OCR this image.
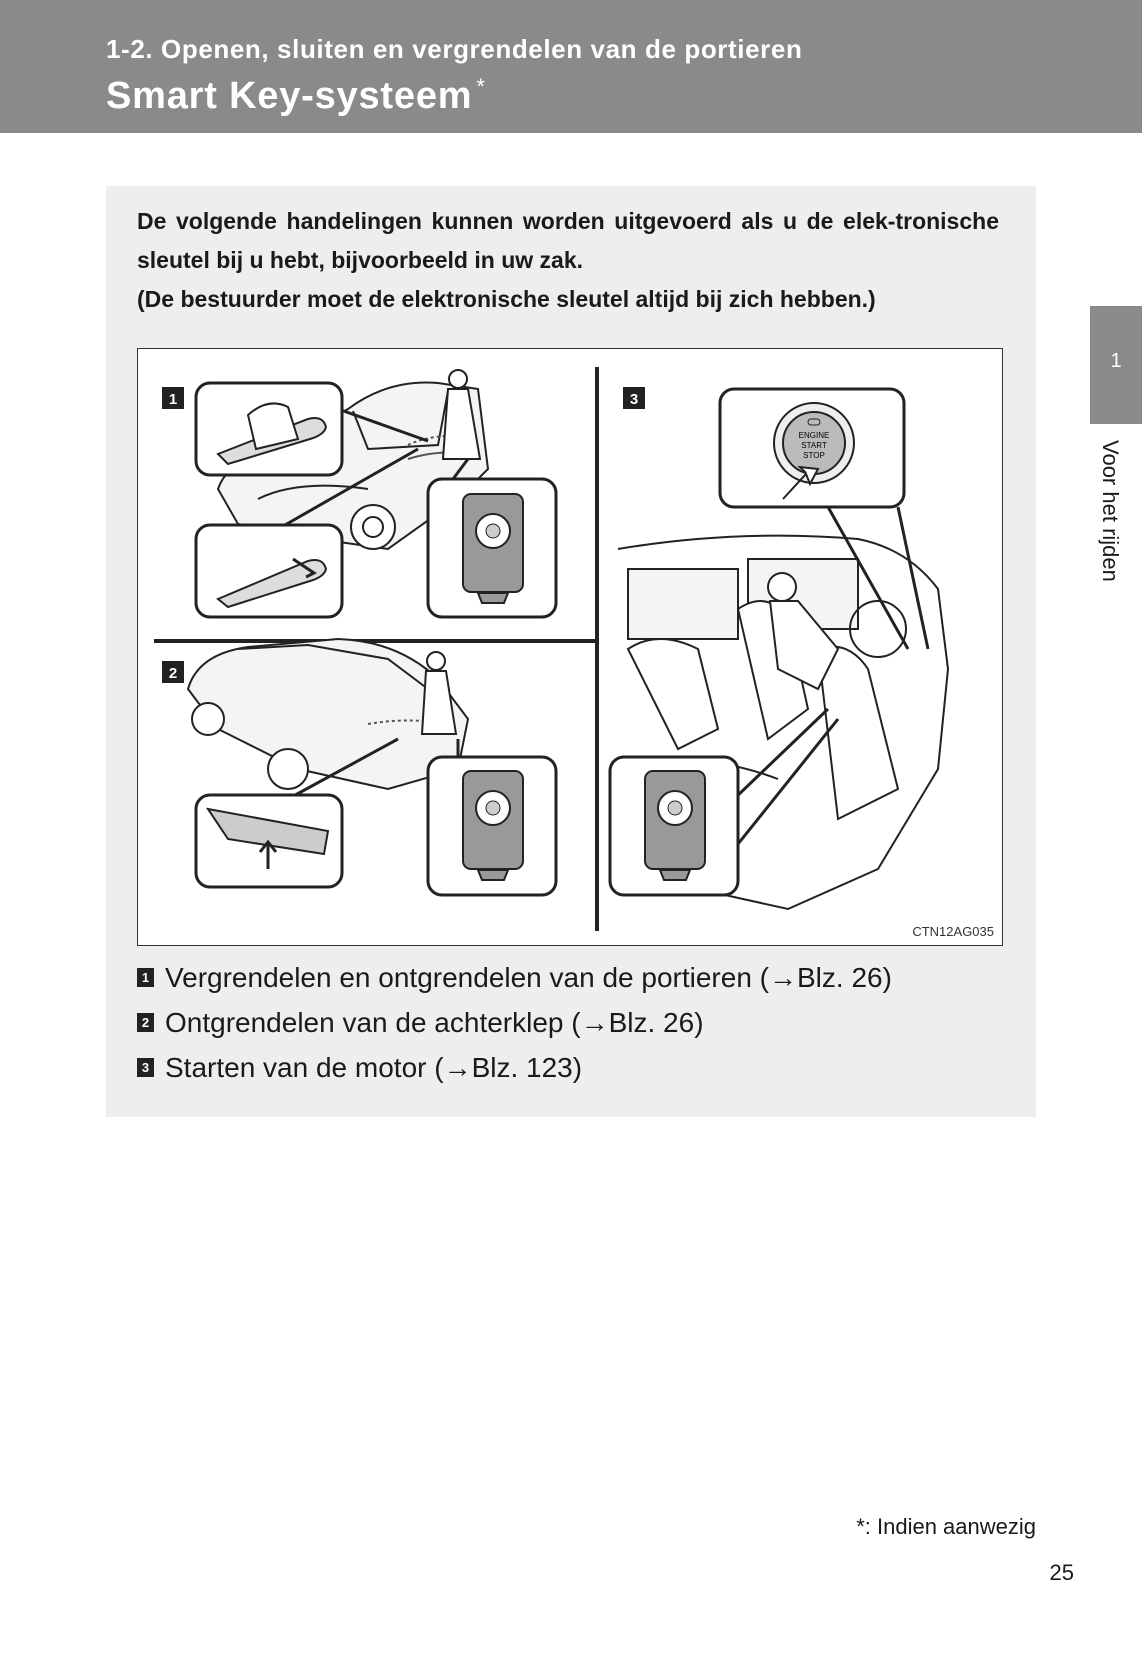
1-2. Openen, sluiten en vergrendelen van de portieren
Smart Key-systeem *
1
Voor het rijden

De volgende handelingen kunnen worden uitgevoerd als u de elek-tronische sleutel bij u hebt, bijvoorbeeld in uw zak.

(De bestuurder moet de elektronische sleutel altijd bij zich hebben.)

1
2
3
ENGINE
START
STOP
CTN12AG035
1 Vergrendelen en ontgrendelen van de portieren (→Blz. 26)
2 Ontgrendelen van de achterklep (→Blz. 26)
3 Starten van de motor (→Blz. 123)
*: Indien aanwezig
25
